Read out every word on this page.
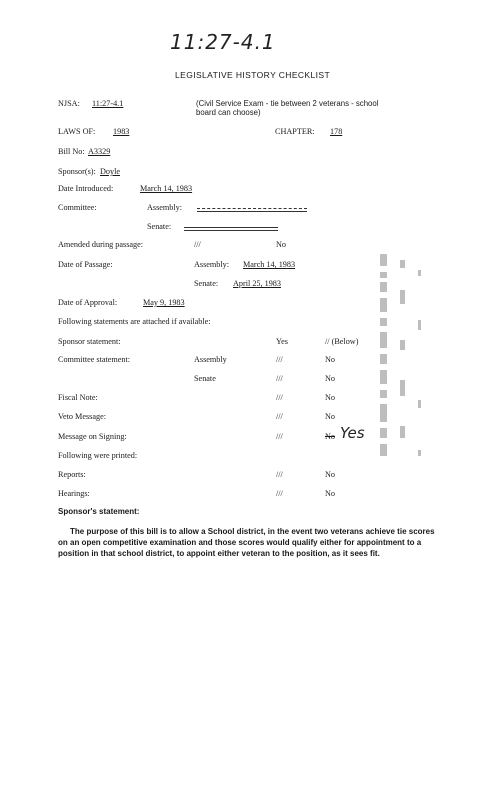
11:27-4.1
LEGISLATIVE HISTORY CHECKLIST
NJSA: 11:27-4.1	(Civil Service Exam - tie between 2 veterans - school
board can choose)
LAWS OF: 1983	CHAPTER: 178
Bill No: A3329
Sponsor(s): Doyle
Date Introduced:	March 14, 1983
Committee:	Assembly:
Senate:
Amended during passage:	///	No
Date of Passage:	Assembly: March 14, 1983
Senate: April 25, 1983
Date of Approval:	May 9, 1983
Following statements are attached if available:
Sponsor statement:	Yes	// (Below)
Committee statement:	Assembly	///	No
Senate	///	No
Fiscal Note:	///	No
Veto Message:	///	No
Message on Signing:	///	No Yes
Following were printed:
Reports:	///	No
Hearings:	///	No
Sponsor's statement:
The purpose of this bill is to allow a School district, in the event two veterans achieve tie scores on an open competitive examination and those scores would qualify either for appointment to a position in that school district, to appoint either veteran to the position, as it sees fit.
